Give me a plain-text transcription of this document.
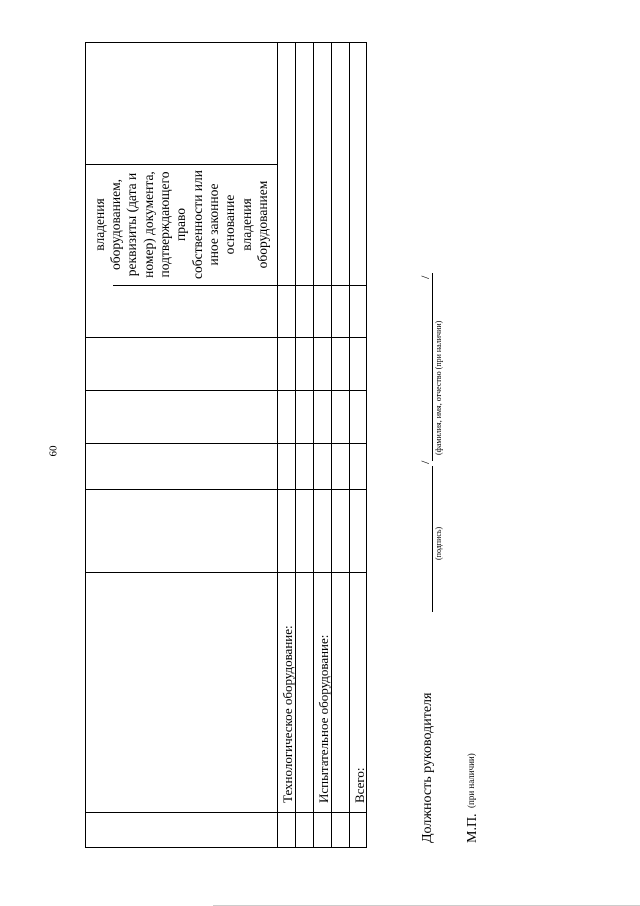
60
владения оборудованием, реквизиты (дата и номер) документа, подтверждающего право собственности или иное законное основание владения оборудованием
Технологическое оборудование: Испытательное оборудование: Всего:	Должность руководителя
(подпись)
/
(фамилия, имя, отчество (при наличии)
/
М.П.
(при наличии)
